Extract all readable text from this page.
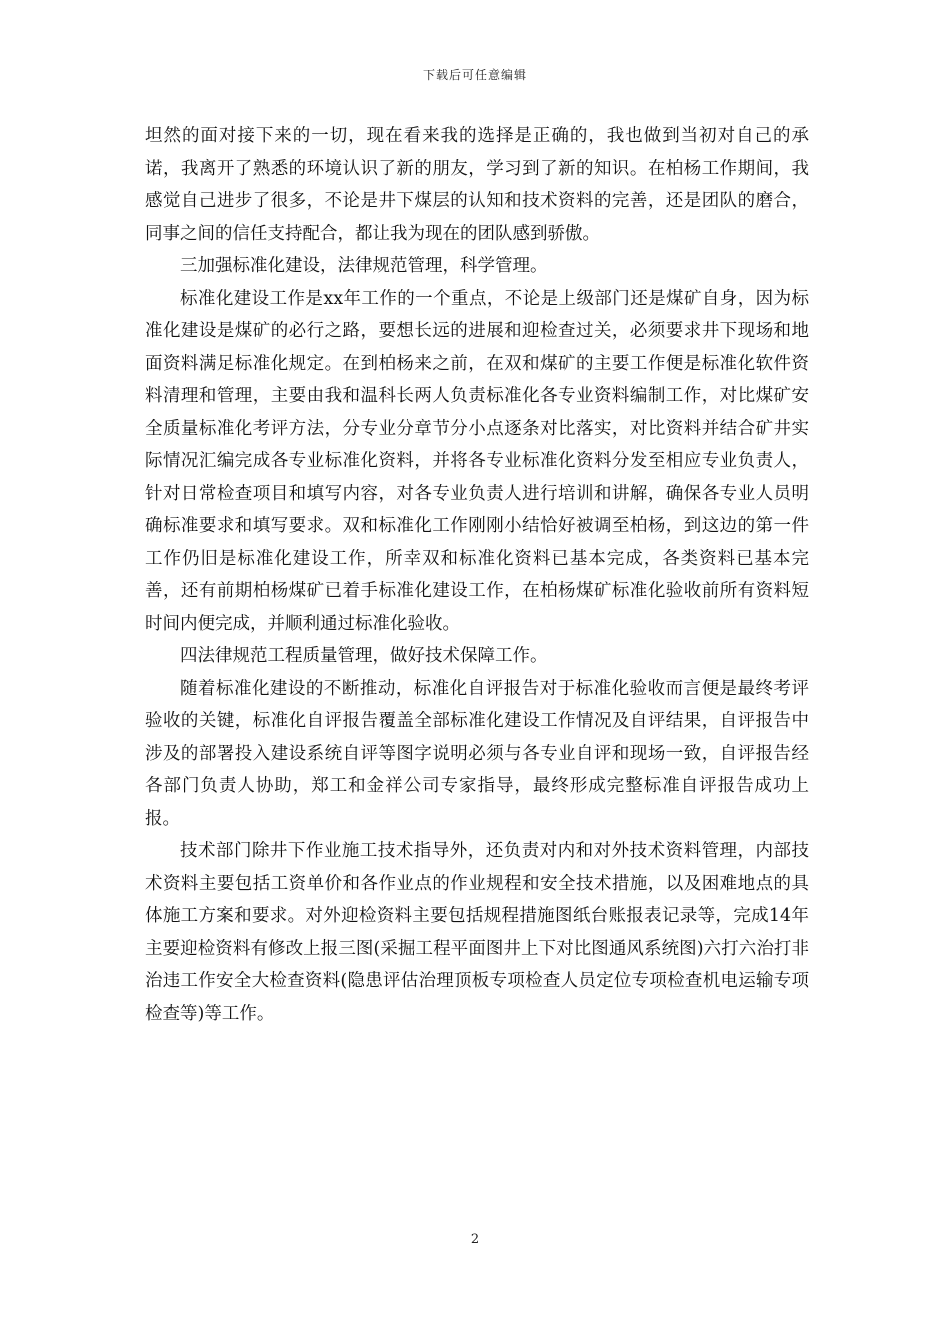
下载后可任意编辑

坦然的面对接下来的一切，现在看来我的选择是正确的，我也做到当初对自己的承诺，我离开了熟悉的环境认识了新的朋友，学习到了新的知识。在柏杨工作期间，我感觉自己进步了很多，不论是井下煤层的认知和技术资料的完善，还是团队的磨合，同事之间的信任支持配合，都让我为现在的团队感到骄傲。

三加强标准化建设，法律规范管理，科学管理。

标准化建设工作是xx年工作的一个重点，不论是上级部门还是煤矿自身，因为标准化建设是煤矿的必行之路，要想长远的进展和迎检查过关，必须要求井下现场和地面资料满足标准化规定。在到柏杨来之前，在双和煤矿的主要工作便是标准化软件资料清理和管理，主要由我和温科长两人负责标准化各专业资料编制工作，对比煤矿安全质量标准化考评方法，分专业分章节分小点逐条对比落实，对比资料并结合矿井实际情况汇编完成各专业标准化资料，并将各专业标准化资料分发至相应专业负责人，针对日常检查项目和填写内容，对各专业负责人进行培训和讲解，确保各专业人员明确标准要求和填写要求。双和标准化工作刚刚小结恰好被调至柏杨，到这边的第一件工作仍旧是标准化建设工作，所幸双和标准化资料已基本完成，各类资料已基本完善，还有前期柏杨煤矿已着手标准化建设工作，在柏杨煤矿标准化验收前所有资料短时间内便完成，并顺利通过标准化验收。

四法律规范工程质量管理，做好技术保障工作。

随着标准化建设的不断推动，标准化自评报告对于标准化验收而言便是最终考评验收的关键，标准化自评报告覆盖全部标准化建设工作情况及自评结果，自评报告中涉及的部署投入建设系统自评等图字说明必须与各专业自评和现场一致，自评报告经各部门负责人协助，郑工和金祥公司专家指导，最终形成完整标准自评报告成功上报。

技术部门除井下作业施工技术指导外，还负责对内和对外技术资料管理，内部技术资料主要包括工资单价和各作业点的作业规程和安全技术措施，以及困难地点的具体施工方案和要求。对外迎检资料主要包括规程措施图纸台账报表记录等，完成14年主要迎检资料有修改上报三图(采掘工程平面图井上下对比图通风系统图)六打六治打非治违工作安全大检查资料(隐患评估治理顶板专项检查人员定位专项检查机电运输专项检查等)等工作。

2
